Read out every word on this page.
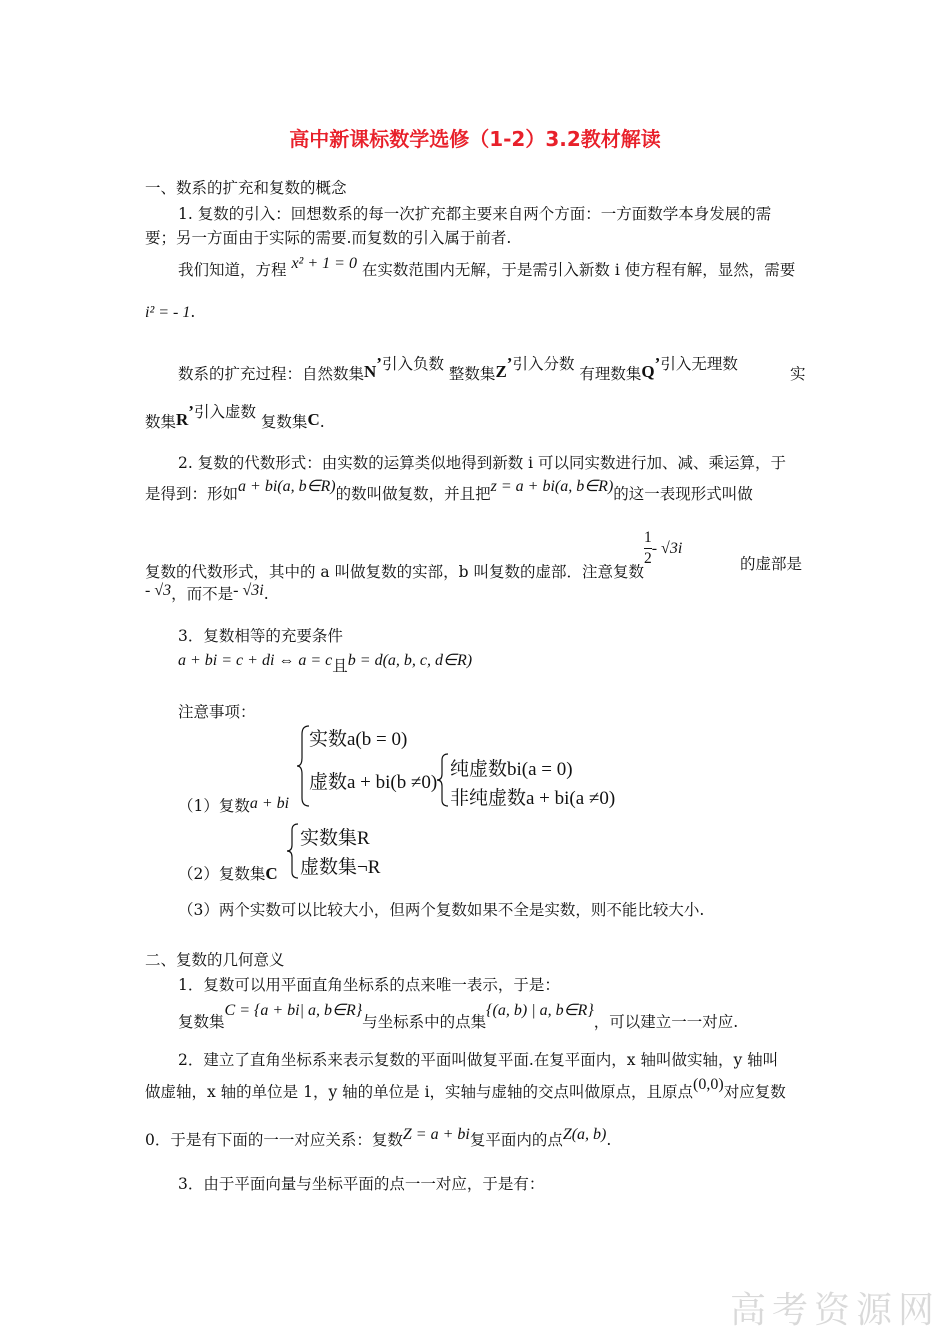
高中新课标数学选修（1-2）3.2教材解读
一、数系的扩充和复数的概念
1. 复数的引入：回想数系的每一次扩充都主要来自两个方面：一方面数学本身发展的需
要；另一方面由于实际的需要.而复数的引入属于前者.
我们知道，方程 x² + 1 = 0 在实数范围内无解，于是需引入新数 i 使方程有解，显然，需要
i² = - 1.
数系的扩充过程：自然数集N’引入负数 整数集Z’引入分数 有理数集Q’引入无理数
实
数集R’引入虚数 复数集C.
2. 复数的代数形式：由实数的运算类似地得到新数 i 可以同实数进行加、减、乘运算，于
是得到：形如a + bi(a, b∈R)的数叫做复数，并且把z = a + bi(a, b∈R)的这一表现形式叫做
复数的代数形式，其中的 a 叫做复数的实部，b 叫复数的虚部．注意复数
$\frac{1}{2} - √3i$
的虚部是
- √3，而不是- √3i.
3．复数相等的充要条件
a + bi = c + di ⇔ a = c且b = d(a, b, c, d∈R)
注意事项：
（1）复数a + bi
实数a(b = 0)
虚数a + bi(b ≠0)
纯虚数bi(a = 0)
非纯虚数a + bi(a ≠0)
（2）复数集C
实数集R
虚数集¬R
（3）两个实数可以比较大小，但两个复数如果不全是实数，则不能比较大小.
二、复数的几何意义
1．复数可以用平面直角坐标系的点来唯一表示，于是：
复数集C = {a + bi| a, b∈R}与坐标系中的点集{(a, b) | a, b∈R}，可以建立一一对应.
2．建立了直角坐标系来表示复数的平面叫做复平面.在复平面内，x 轴叫做实轴，y 轴叫
做虚轴，x 轴的单位是 1，y 轴的单位是 i，实轴与虚轴的交点叫做原点，且原点(0,0)对应复数
0．于是有下面的一一对应关系：复数Z = a + bi复平面内的点Z(a, b).
3．由于平面向量与坐标平面的点一一对应，于是有：
高考资源网
